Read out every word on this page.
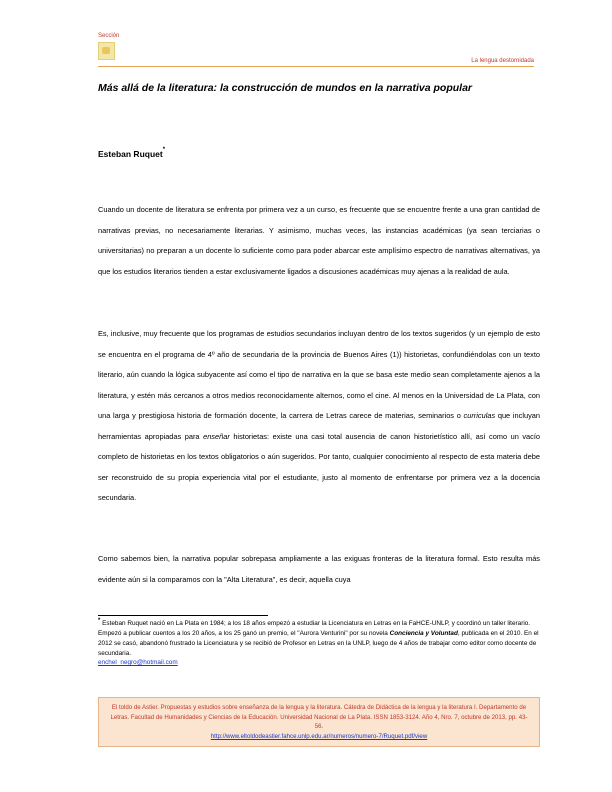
Sección
La lengua destornidada
Más allá de la literatura: la construcción de mundos en la narrativa popular
Esteban Ruquet*

Cuando un docente de literatura se enfrenta por primera vez a un curso, es frecuente que se encuentre frente a una gran cantidad de narrativas previas, no necesariamente literarias. Y asimismo, muchas veces, las instancias académicas (ya sean terciarias o universitarias) no preparan a un docente lo suficiente como para poder abarcar este amplísimo espectro de narrativas alternativas, ya que los estudios literarios tienden a estar exclusivamente ligados a discusiones académicas muy ajenas a la realidad de aula.

Es, inclusive, muy frecuente que los programas de estudios secundarios incluyan dentro de los textos sugeridos (y un ejemplo de esto se encuentra en el programa de 4º año de secundaria de la provincia de Buenos Aires (1)) historietas, confundiéndolas con un texto literario, aún cuando la lógica subyacente así como el tipo de narrativa en la que se basa este medio sean completamente ajenos a la literatura, y estén más cercanos a otros medios reconocidamente alternos, como el cine. Al menos en la Universidad de La Plata, con una larga y prestigiosa historia de formación docente, la carrera de Letras carece de materias, seminarios o curriculas que incluyan herramientas apropiadas para enseñar historietas: existe una casi total ausencia de canon historietístico allí, así como un vacío completo de historietas en los textos obligatorios o aún sugeridos. Por tanto, cualquier conocimiento al respecto de esta materia debe ser reconstruido de su propia experiencia vital por el estudiante, justo al momento de enfrentarse por primera vez a la docencia secundaria.

Como sabemos bien, la narrativa popular sobrepasa ampliamente a las exiguas fronteras de la literatura formal. Esto resulta más evidente aún si la comparamos con la "Alta Literatura", es decir, aquella cuya

* Esteban Ruquet nació en La Plata en 1984; a los 18 años empezó a estudiar la Licenciatura en Letras en la FaHCE-UNLP, y coordinó un taller literario. Empezó a publicar cuentos a los 20 años, a los 25 ganó un premio, el "Aurora Venturini" por su novela Conciencia y Voluntad, publicada en el 2010. En el 2012 se casó, abandonó frustrado la Licenciatura y se recibió de Profesor en Letras en la UNLP, luego de 4 años de trabajar como editor como docente de secundaria.
enchel_negro@hotmail.com

El toldo de Astier. Propuestas y estudios sobre enseñanza de la lengua y la literatura. Cátedra de Didáctica de la lengua y la literatura I. Departamento de Letras. Facultad de Humanidades y Ciencias de la Educación. Universidad Nacional de La Plata. ISSN 1853-3124. Año 4, Nro. 7, octubre de 2013, pp. 43-56.
http://www.eltoldodeastier.fahce.unlp.edu.ar/numeros/numero-7/Ruquet.pdf/view
